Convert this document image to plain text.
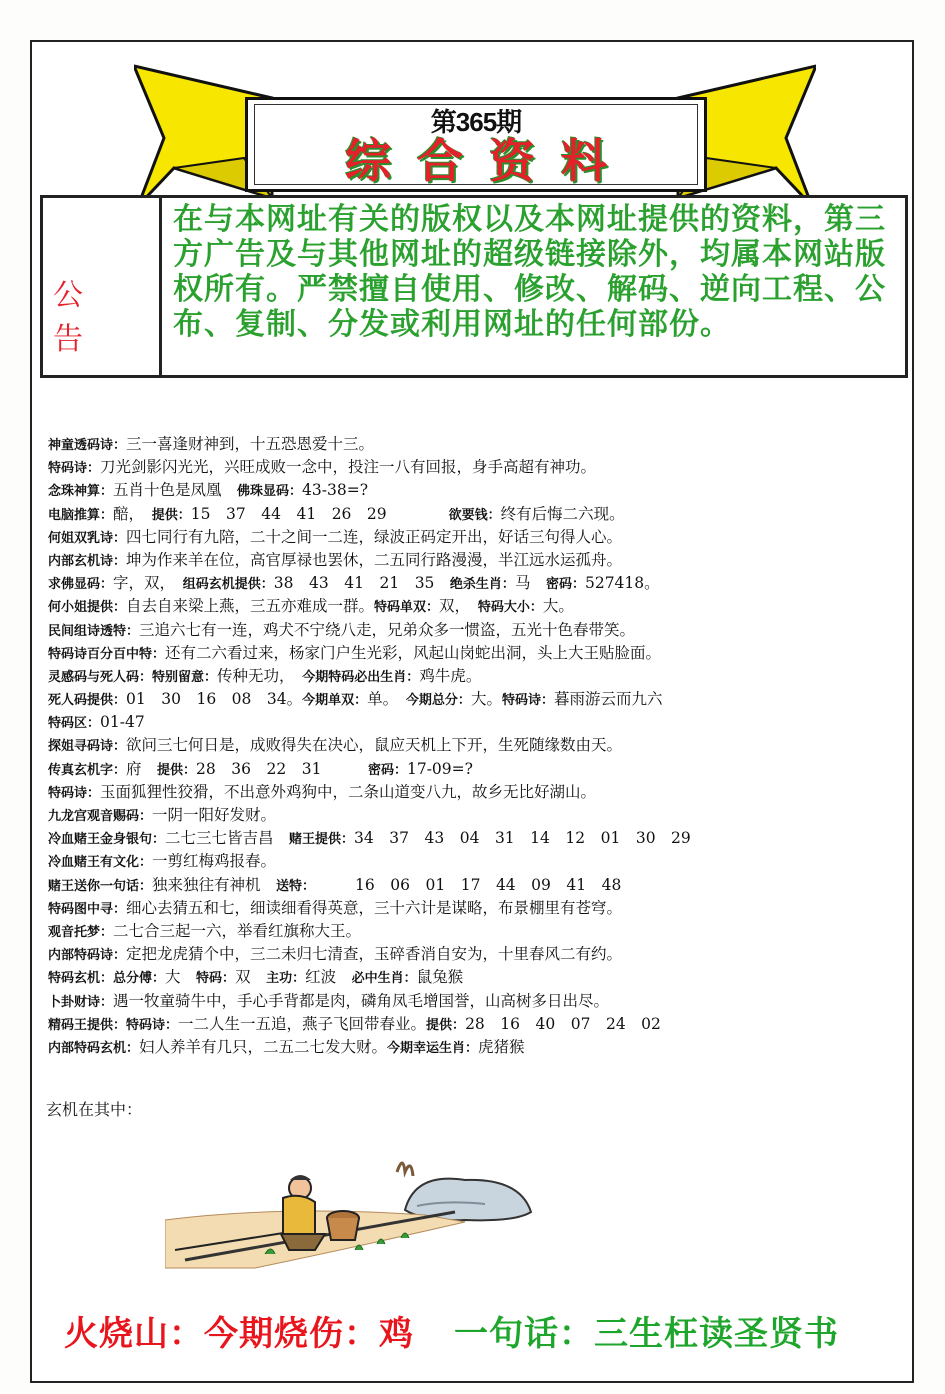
第365期
综合资料
公告
在与本网址有关的版权以及本网址提供的资料，第三方广告及与其他网址的超级链接除外，均属本网站版权所有。严禁擅自使用、修改、解码、逆向工程、公布、复制、分发或利用网址的任何部份。
神童透码诗：三一喜逢财神到，十五恐恩爱十三。
特码诗：刀光剑影闪光光，兴旺成败一念中，投注一八有回报，身手高超有神功。
念珠神算：五肖十色是凤凰　佛珠显码：43-38=?
电脑推算：醅，　提供：15　37　44　41　26　29　　　　欲要钱：终有后悔二六现。
何姐双乳诗：四七同行有九陪，二十之间一二连，绿波正码定开出，好话三句得人心。
内部玄机诗：坤为作来羊在位，高官厚禄也罢休，二五同行路漫漫，半江远水运孤舟。
求佛显码：字，双，　组码玄机提供：38　43　41　21　35　绝杀生肖：马　密码：527418。
何小姐提供：自去自来梁上燕，三五亦难成一群。特码单双：双，　特码大小：大。
民间组诗透特：三追六七有一连，鸡犬不宁绕八走，兄弟众多一惯盗，五光十色春带笑。
特码诗百分百中特：还有二六看过来，杨家门户生光彩，风起山岗蛇出洞，头上大王贴脸面。
灵感码与死人码：特别留意：传种无功，　今期特码必出生肖：鸡牛虎。
死人码提供：01　30　16　08　34。今期单双：单。　今期总分：大。特码诗：暮雨游云而九六
特码区：01-47
探姐寻码诗：欲问三七何日是，成败得失在决心，鼠应天机上下开，生死随缘数由天。
传真玄机字：府　提供：28　36　22　31　　　密码：17-09=?
特码诗：玉面狐狸性狡猾，不出意外鸡狗中，二条山道变八九，故乡无比好湖山。
九龙宫观音赐码：一阴一阳好发财。
冷血赌王金身银句：二七三七皆吉昌　赌王提供：34　37　43　04　31　14　12　01　30　29
冷血赌王有文化：一剪红梅鸡报春。
赌王送你一句话：独来独往有神机　送特：　　　16　06　01　17　44　09　41　48
特码图中寻：细心去猜五和七，细读细看得英意，三十六计是谋略，布景棚里有苍穹。
观音托梦：二七合三起一六，举看红旗称大王。
内部特码诗：定把龙虎猜个中，三二未归七清查，玉碎香消自安为，十里春风二有约。
特码玄机：总分傅：大　特码：双　主功：红波　必中生肖：鼠兔猴
卜卦财诗：遇一牧童骑牛中，手心手背都是肉，磷角凤毛增国誉，山高树多日出尽。
精码王提供：特码诗：一二人生一五追，燕子飞回带春业。提供：28　16　40　07　24　02
内部特码玄机：妇人养羊有几只，二五二七发大财。今期幸运生肖：虎猪猴
玄机在其中：
火烧山：今期烧伤：鸡 一句话：三生枉读圣贤书
